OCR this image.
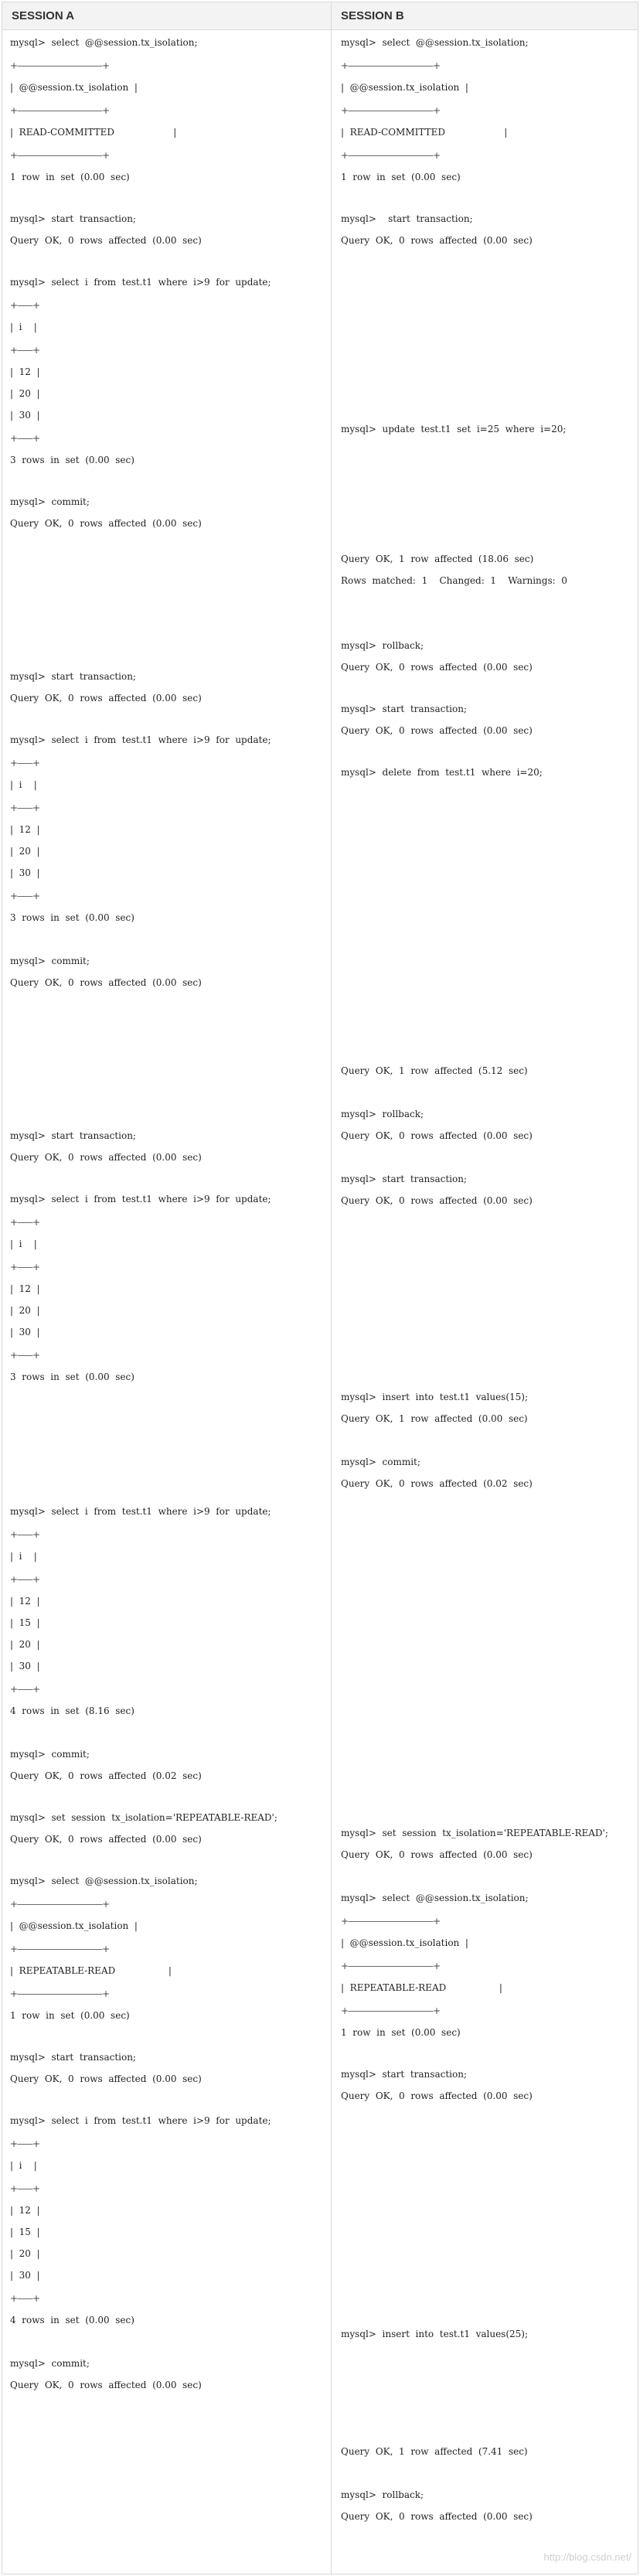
SESSION A	SESSION B
mysql>  select  @@session.tx_isolation;
+––––––––––––––––––––––+
|  @@session.tx_isolation  |
+––––––––––––––––––––––+
|  READ-COMMITTED                    |
+––––––––––––––––––––––+
1  row  in  set  (0.00  sec)
mysql>  start  transaction;
Query  OK,  0  rows  affected  (0.00  sec)
mysql>  select  i  from  test.t1  where  i>9  for  update;
+––––+
|  i    |
+––––+
|  12  |
|  20  |
|  30  |
+––––+
3  rows  in  set  (0.00  sec)
mysql>  commit;
Query  OK,  0  rows  affected  (0.00  sec)
mysql>  start  transaction;
Query  OK,  0  rows  affected  (0.00  sec)
mysql>  select  i  from  test.t1  where  i>9  for  update;
+––––+
|  i    |
+––––+
|  12  |
|  20  |
|  30  |
+––––+
3  rows  in  set  (0.00  sec)
mysql>  commit;
Query  OK,  0  rows  affected  (0.00  sec)
mysql>  start  transaction;
Query  OK,  0  rows  affected  (0.00  sec)
mysql>  select  i  from  test.t1  where  i>9  for  update;
+––––+
|  i    |
+––––+
|  12  |
|  20  |
|  30  |
+––––+
3  rows  in  set  (0.00  sec)
mysql>  select  i  from  test.t1  where  i>9  for  update;
+––––+
|  i    |
+––––+
|  12  |
|  15  |
|  20  |
|  30  |
+––––+
4  rows  in  set  (8.16  sec)
mysql>  commit;
Query  OK,  0  rows  affected  (0.02  sec)
mysql>  set  session  tx_isolation='REPEATABLE-READ';
Query  OK,  0  rows  affected  (0.00  sec)
mysql>  select  @@session.tx_isolation;
+––––––––––––––––––––––+
|  @@session.tx_isolation  |
+––––––––––––––––––––––+
|  REPEATABLE-READ                  |
+––––––––––––––––––––––+
1  row  in  set  (0.00  sec)
mysql>  start  transaction;
Query  OK,  0  rows  affected  (0.00  sec)
mysql>  select  i  from  test.t1  where  i>9  for  update;
+––––+
|  i    |
+––––+
|  12  |
|  15  |
|  20  |
|  30  |
+––––+
4  rows  in  set  (0.00  sec)
mysql>  commit;
Query  OK,  0  rows  affected  (0.00  sec)
mysql>  select  @@session.tx_isolation;
+––––––––––––––––––––––+
|  @@session.tx_isolation  |
+––––––––––––––––––––––+
|  READ-COMMITTED                    |
+––––––––––––––––––––––+
1  row  in  set  (0.00  sec)
mysql>    start  transaction;
Query  OK,  0  rows  affected  (0.00  sec)
mysql>  update  test.t1  set  i=25  where  i=20;
Query  OK,  1  row  affected  (18.06  sec)
Rows  matched:  1    Changed:  1    Warnings:  0
mysql>  rollback;
Query  OK,  0  rows  affected  (0.00  sec)
mysql>  start  transaction;
Query  OK,  0  rows  affected  (0.00  sec)
mysql>  delete  from  test.t1  where  i=20;
Query  OK,  1  row  affected  (5.12  sec)
mysql>  rollback;
Query  OK,  0  rows  affected  (0.00  sec)
mysql>  start  transaction;
Query  OK,  0  rows  affected  (0.00  sec)
mysql>  insert  into  test.t1  values(15);
Query  OK,  1  row  affected  (0.00  sec)
mysql>  commit;
Query  OK,  0  rows  affected  (0.02  sec)
mysql>  set  session  tx_isolation='REPEATABLE-READ';
Query  OK,  0  rows  affected  (0.00  sec)
mysql>  select  @@session.tx_isolation;
+––––––––––––––––––––––+
|  @@session.tx_isolation  |
+––––––––––––––––––––––+
|  REPEATABLE-READ                  |
+––––––––––––––––––––––+
1  row  in  set  (0.00  sec)
mysql>  start  transaction;
Query  OK,  0  rows  affected  (0.00  sec)
mysql>  insert  into  test.t1  values(25);
Query  OK,  1  row  affected  (7.41  sec)
mysql>  rollback;
Query  OK,  0  rows  affected  (0.00  sec)
http://blog.csdn.net/
